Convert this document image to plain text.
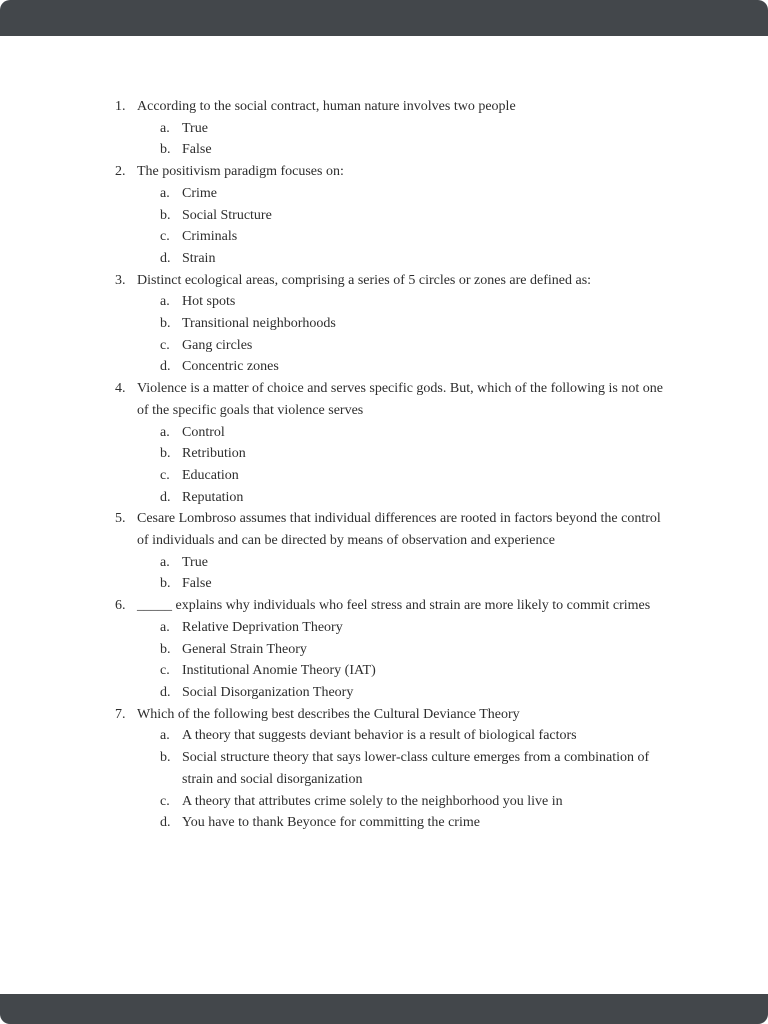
1. According to the social contract, human nature involves two people
a. True
b. False
2. The positivism paradigm focuses on:
a. Crime
b. Social Structure
c. Criminals
d. Strain
3. Distinct ecological areas, comprising a series of 5 circles or zones are defined as:
a. Hot spots
b. Transitional neighborhoods
c. Gang circles
d. Concentric zones
4. Violence is a matter of choice and serves specific gods. But, which of the following is not one of the specific goals that violence serves
a. Control
b. Retribution
c. Education
d. Reputation
5. Cesare Lombroso assumes that individual differences are rooted in factors beyond the control of individuals and can be directed by means of observation and experience
a. True
b. False
6. _____ explains why individuals who feel stress and strain are more likely to commit crimes
a. Relative Deprivation Theory
b. General Strain Theory
c. Institutional Anomie Theory (IAT)
d. Social Disorganization Theory
7. Which of the following best describes the Cultural Deviance Theory
a. A theory that suggests deviant behavior is a result of biological factors
b. Social structure theory that says lower-class culture emerges from a combination of strain and social disorganization
c. A theory that attributes crime solely to the neighborhood you live in
d. You have to thank Beyonce for committing the crime
